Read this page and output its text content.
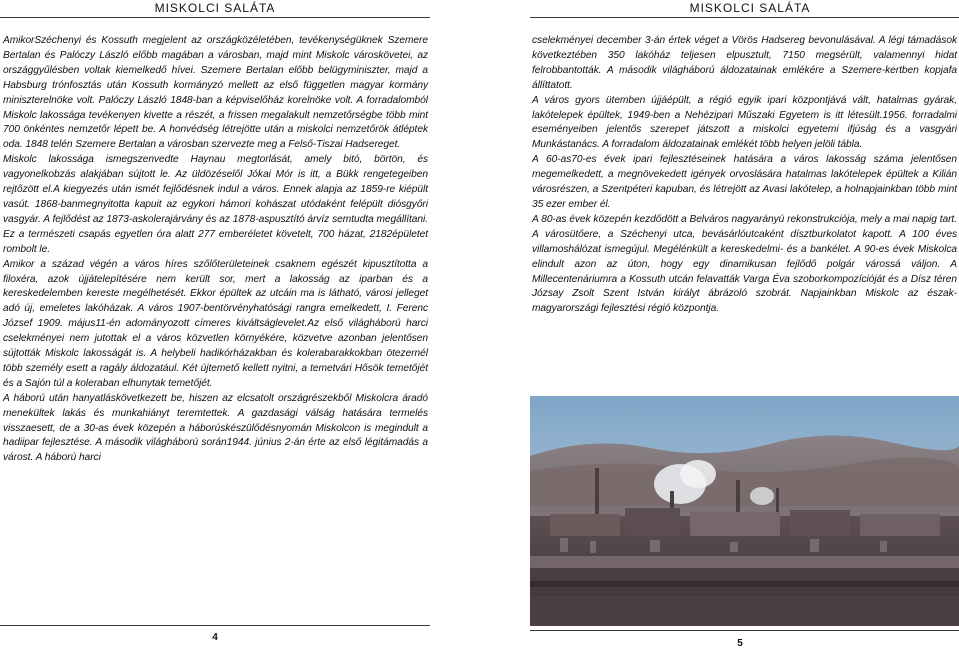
MISKOLCI SALÁTA

AmikorSzéchenyi és Kossuth megjelent az országközéletében, tevékenységüknek Szemere Bertalan és Palóczy László előbb magában a városban, majd mint Miskolc városkövetei, az országgyűlésben voltak kiemelkedő hívei. Szemere Bertalan előbb belügyminiszter, majd a Habsburg trónfosztás után Kossuth kormányzó mellett az első független magyar kormány miniszterelnöke volt. Palóczy László 1848-ban a képviselőház korelnöke volt. A forradalomból Miskolc lakossága tevékenyen kivette a részét, a frissen megalakult nemzetőrségbe több mint 700 önkéntes nemzetőr lépett be. A honvédség létrejötte után a miskolci nemzetőrök átléptek oda. 1848 telén Szemere Bertalan a városban szervezte meg a Felső-Tiszai Hadsereget.

Miskolc lakossága ismegszenvedte Haynau megtorlását, amely bitó, börtön, és vagyonelkobzás alakjában sújtott le. Az üldözéselől Jókai Mór is itt, a Bükk rengetegeiben rejtőzött el.A kiegyezés után ismét fejlődésnek indul a város. Ennek alapja az 1859-re kiépült vasút. 1868-banmegnyitotta kapuit az egykori hámori kohászat utódaként felépült diósgyőri vasgyár. A fejlődést az 1873-askolerajárvány és az 1878-aspusztító árvíz semtudta megállítani. Ez a természeti csapás egyetlen óra alatt 277 emberéletet követelt, 700 házat, 2182épületet rombolt le.

Amikor a század végén a város híres szőlőterületeinek csaknem egészét kipusztította a filoxéra, azok újjátelepítésére nem került sor, mert a lakosság az iparban és a kereskedelemben kereste megélhetését. Ekkor épültek az utcáin ma is látható, városi jelleget adó új, emeletes lakóházak. A város 1907-bentörvényhatósági rangra emelkedett, I. Ferenc József 1909. május11-én adományozott címeres kiváltságlevelet.Az első világháború harci cselekményei nem jutottak el a város közvetlen környékére, közvetve azonban jelentősen sújtották Miskolc lakosságát is. A helybeli hadikórházakban és kolerabarakkokban ötezernél több személy esett a ragály áldozatául. Két újtemető kellett nyitni, a temetvári Hősök temetőjét és a Sajón túl a koleraban elhunytak temetőjét.

A háború után hanyatláskövetkezett be, hiszen az elcsatolt országrészekből Miskolcra áradó menekültek lakás és munkahiányt teremtettek. A gazdasági válság hatására termelés visszaesett, de a 30-as évek közepén a háborúskészülődésnyomán Miskolcon is megindult a hadiipar fejlesztése. A második világháború során1944. június 2-án érte az első légitámadás a várost. A háború harci

4
MISKOLCI SALÁTA

cselekményei december 3-án értek véget a Vörös Hadsereg bevonulásával. A légi támadások következtében 350 lakóház teljesen elpusztult, 7150 megsérült, valamennyi hidat felrobbantották. A második világháború áldozatainak emlékére a Szemere-kertben kopjafa állíttatott.

A város gyors ütemben újjáépült, a régió egyik ipari központjává vált, hatalmas gyárak, lakótelepek épültek, 1949-ben a Nehézipari Műszaki Egyetem is itt létesült.1956. forradalmi eseményeiben jelentős szerepet játszott a miskolci egyetemi ifjúság és a vasgyári Munkástanács. A forradalom áldozatainak emlékét több helyen jelöli tábla.

A 60-as70-es évek ipari fejlesztéseinek hatására a város lakosság száma jelentősen megemelkedett, a megnövekedett igények orvoslására hatalmas lakótelepek épültek a Kilián városrészen, a Szentpéteri kapuban, és létrejött az Avasi lakótelep, a holnapjainkban több mint 35 ezer ember él.

A 80-as évek közepén kezdődött a Belváros nagyarányú rekonstrukciója, mely a mai napig tart. A városütőere, a Széchenyi utca, bevásárlóutcaként dísztburkolatot kapott. A 100 éves villamoshálózat ismegújul. Megélénkült a kereskedelmi- és a bankélet. A 90-es évek Miskolca elindult azon az úton, hogy egy dinamikusan fejlődő polgár várossá váljon. A Millecentenáriumra a Kossuth utcán felavatták Varga Éva szoborkompozícióját és a Dísz téren Józsay Zsolt Szent István királyt ábrázoló szobrát. Napjainkban Miskolc az észak-magyarországi fejlesztési régió központja.

5
